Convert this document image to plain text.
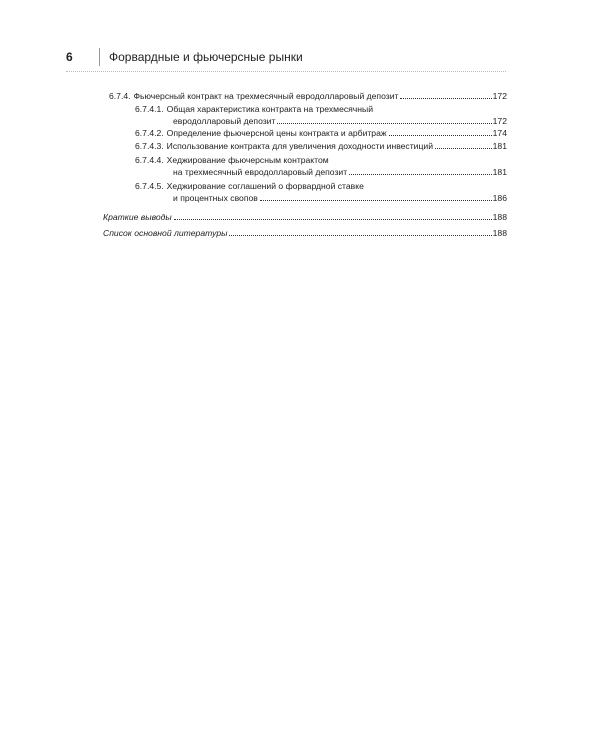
6	Форвардные и фьючерсные рынки
6.7.4. Фьючерсный контракт на трехмесячный евродолларовый депозит	172
6.7.4.1. Общая характеристика контракта на трехмесячный
евродолларовый депозит	172
6.7.4.2. Определение фьючерсной цены контракта и арбитраж	174
6.7.4.3. Использование контракта для увеличения доходности инвестиций	181
6.7.4.4. Хеджирование фьючерсным контрактом
на трехмесячный евродолларовый депозит	181
6.7.4.5. Хеджирование соглашений о форвардной ставке
и процентных свопов	186
Краткие выводы	188
Список основной литературы	188
